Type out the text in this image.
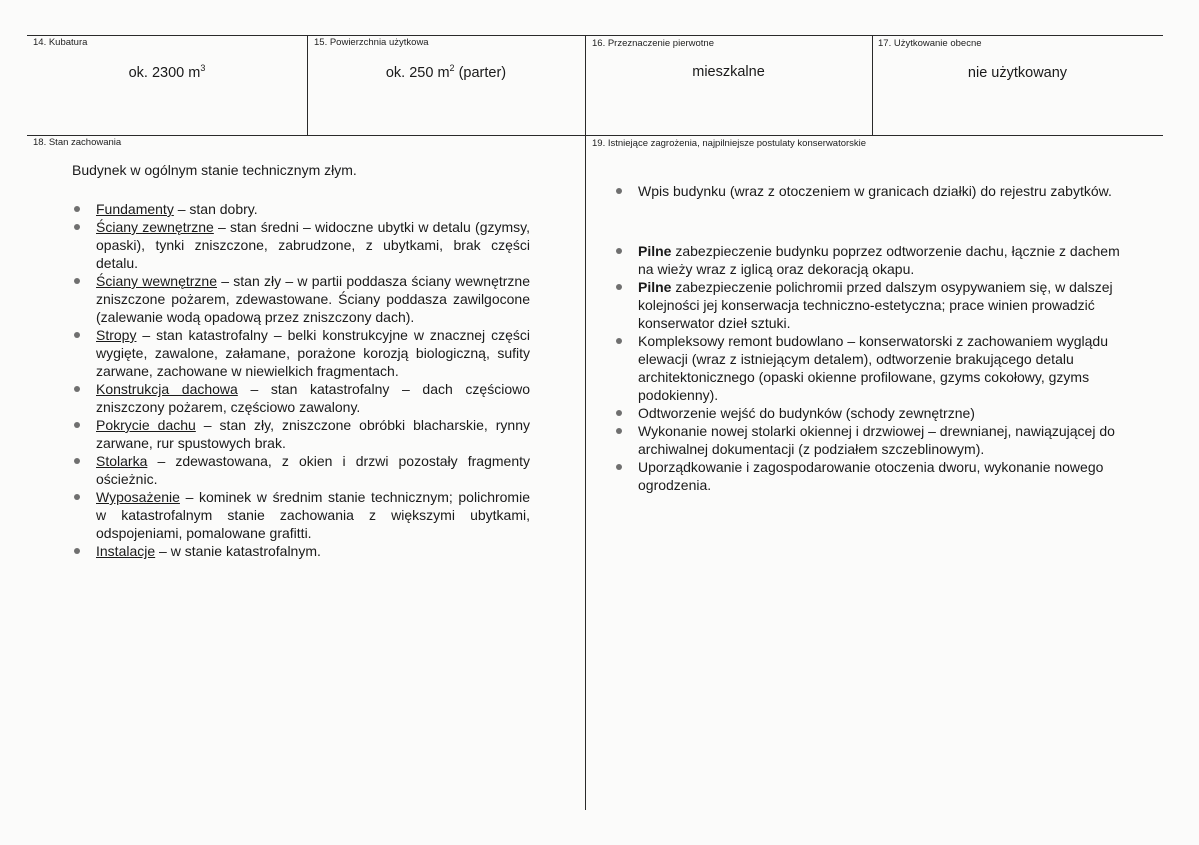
14. Kubatura	15. Powierzchnia użytkowa	16. Przeznaczenie pierwotne	17. Użytkowanie obecne
ok. 2300 $m^3$	ok. 250 $m^2$ (parter)	mieszkalne	nie użytkowany
18. Stan zachowania	19. Istniejące zagrożenia, najpilniejsze postulaty konserwatorskie
Budynek w ogólnym stanie technicznym złym.
Fundamenty – stan dobry.
Ściany zewnętrzne – stan średni – widoczne ubytki w detalu (gzymsy, opaski), tynki zniszczone, zabrudzone, z ubytkami, brak części detalu.
Ściany wewnętrzne – stan zły – w partii poddasza ściany wewnętrzne zniszczone pożarem, zdewastowane. Ściany poddasza zawilgocone (zalewanie wodą opadową przez zniszczony dach).
Stropy – stan katastrofalny – belki konstrukcyjne w znacznej części wygięte, zawalone, załamane, porażone korozją biologiczną, sufity zarwane, zachowane w niewielkich fragmentach.
Konstrukcja dachowa – stan katastrofalny – dach częściowo zniszczony pożarem, częściowo zawalony.
Pokrycie dachu – stan zły, zniszczone obróbki blacharskie, rynny zarwane, rur spustowych brak.
Stolarka – zdewastowana, z okien i drzwi pozostały fragmenty ościeżnic.
Wyposażenie – kominek w średnim stanie technicznym; polichromie w katastrofalnym stanie zachowania z większymi ubytkami, odspojeniami, pomalowane grafitti.
Instalacje – w stanie katastrofalnym.
Wpis budynku (wraz z otoczeniem w granicach działki) do rejestru zabytków.
Pilne zabezpieczenie budynku poprzez odtworzenie dachu, łącznie z dachem na wieży wraz z iglicą oraz dekoracją okapu.
Pilne zabezpieczenie polichromii przed dalszym osypywaniem się, w dalszej kolejności jej konserwacja techniczno-estetyczna; prace winien prowadzić konserwator dzieł sztuki.
Kompleksowy remont budowlano – konserwatorski z zachowaniem wyglądu elewacji (wraz z istniejącym detalem), odtworzenie brakującego detalu architektonicznego (opaski okienne profilowane, gzyms cokołowy, gzyms podokienny).
Odtworzenie wejść do budynków (schody zewnętrzne)
Wykonanie nowej stolarki okiennej i drzwiowej – drewnianej, nawiązującej do archiwalnej dokumentacji (z podziałem szczeblinowym).
Uporządkowanie i zagospodarowanie otoczenia dworu, wykonanie nowego ogrodzenia.
